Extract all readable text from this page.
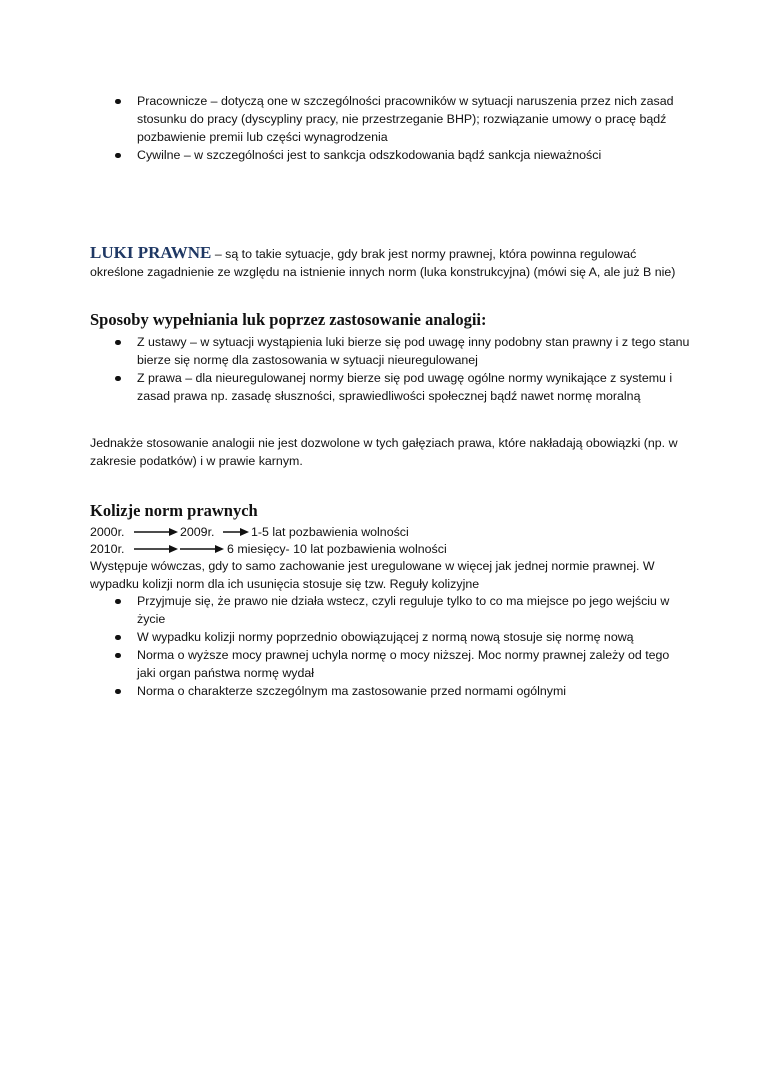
Pracownicze – dotyczą one w szczególności pracowników w sytuacji naruszenia przez nich zasad stosunku do pracy (dyscypliny pracy, nie przestrzeganie BHP); rozwiązanie umowy o pracę bądź pozbawienie premii lub części wynagrodzenia
Cywilne – w szczególności jest to sankcja odszkodowania bądź sankcja nieważności

LUKI PRAWNE – są to takie sytuacje, gdy brak jest normy prawnej, która powinna regulować określone zagadnienie ze względu na istnienie innych norm (luka konstrukcyjna) (mówi się A, ale już B nie)

Sposoby wypełniania luk poprzez zastosowanie analogii:
Z ustawy – w sytuacji wystąpienia luki bierze się pod uwagę inny podobny stan prawny i z tego stanu bierze się normę dla zastosowania w sytuacji nieuregulowanej
Z prawa – dla nieuregulowanej normy bierze się pod uwagę ogólne normy wynikające z systemu i zasad prawa np. zasadę słuszności, sprawiedliwości społecznej bądź nawet normę moralną

Jednakże stosowanie analogii nie jest dozwolone w tych gałęziach prawa, które nakładają obowiązki (np. w zakresie podatków) i w prawie karnym.

Kolizje norm prawnych
2000r.	2009r.	1-5 lat pozbawienia wolności
2010r.	6 miesięcy- 10 lat pozbawienia wolności

Występuje wówczas, gdy to samo zachowanie jest uregulowane w więcej jak jednej normie prawnej. W wypadku kolizji norm dla ich usunięcia stosuje się tzw. Reguły kolizyjne

Przyjmuje się, że prawo nie działa wstecz, czyli reguluje tylko to co ma miejsce po jego wejściu w życie
W wypadku kolizji normy poprzednio obowiązującej z normą nową stosuje się normę nową
Norma o wyższe mocy prawnej uchyla normę o mocy niższej. Moc normy prawnej zależy od tego jaki organ państwa normę wydał
Norma o charakterze szczególnym ma zastosowanie przed normami ogólnymi
